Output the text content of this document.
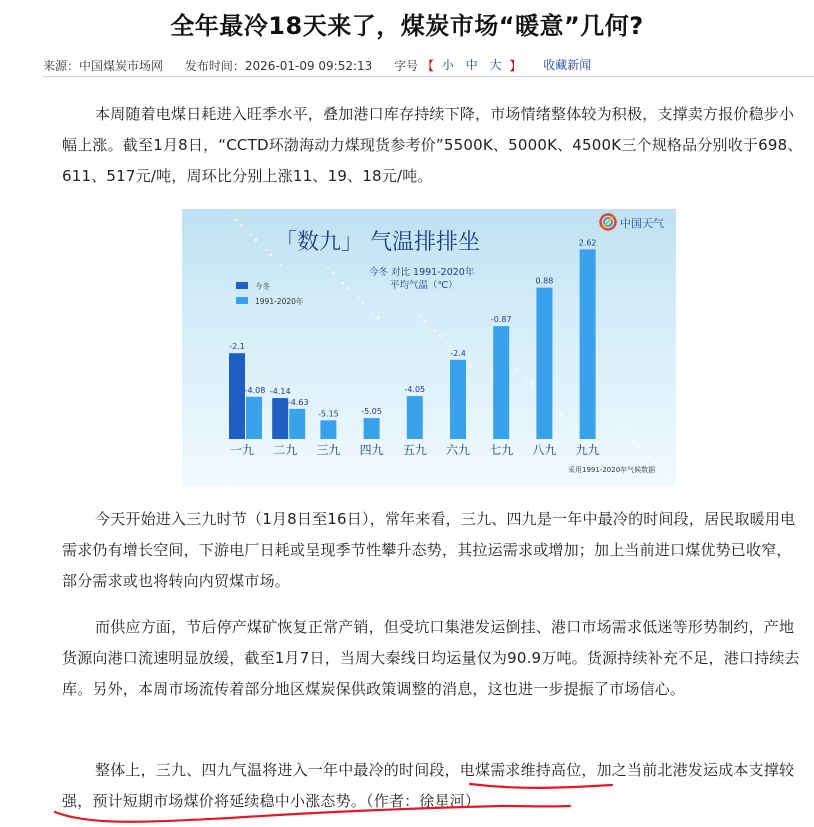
全年最冷18天来了，煤炭市场“暖意”几何?
来源：中国煤炭市场网 发布时间：2026-01-09 09:52:13 字号 【 小 中 大 】 收藏新闻
本周随着电煤日耗进入旺季水平，叠加港口库存持续下降，市场情绪整体较为积极，支撑卖方报价稳步小幅上涨。截至1月8日，“CCTD环渤海动力煤现货参考价”5500K、5000K、4500K三个规格品分别收于698、611、517元/吨，周环比分别上涨11、19、18元/吨。
中国天气
「数九」 气温排排坐
今冬 对比 1991-2020年
平均气温（℃）
今冬
1991-2020年
一九
-2.1
-4.08
二九
-4.14
-4.63
三九
-5.15
四九
-5.05
五九
-4.05
六九
-2.4
七九
-0.87
八九
0.88
九九
2.62
采用1991-2020年气候数据
今天开始进入三九时节（1月8日至16日），常年来看，三九、四九是一年中最冷的时间段，居民取暖用电需求仍有增长空间，下游电厂日耗或呈现季节性攀升态势，其拉运需求或增加；加上当前进口煤优势已收窄，部分需求或也将转向内贸煤市场。
而供应方面，节后停产煤矿恢复正常产销，但受坑口集港发运倒挂、港口市场需求低迷等形势制约，产地货源向港口流速明显放缓，截至1月7日，当周大秦线日均运量仅为90.9万吨。货源持续补充不足，港口持续去库。另外，本周市场流传着部分地区煤炭保供政策调整的消息，这也进一步提振了市场信心。
整体上，三九、四九气温将进入一年中最冷的时间段，电煤需求维持高位，加之当前北港发运成本支撑较强，预计短期市场煤价将延续稳中小涨态势。（作者：徐星河）
